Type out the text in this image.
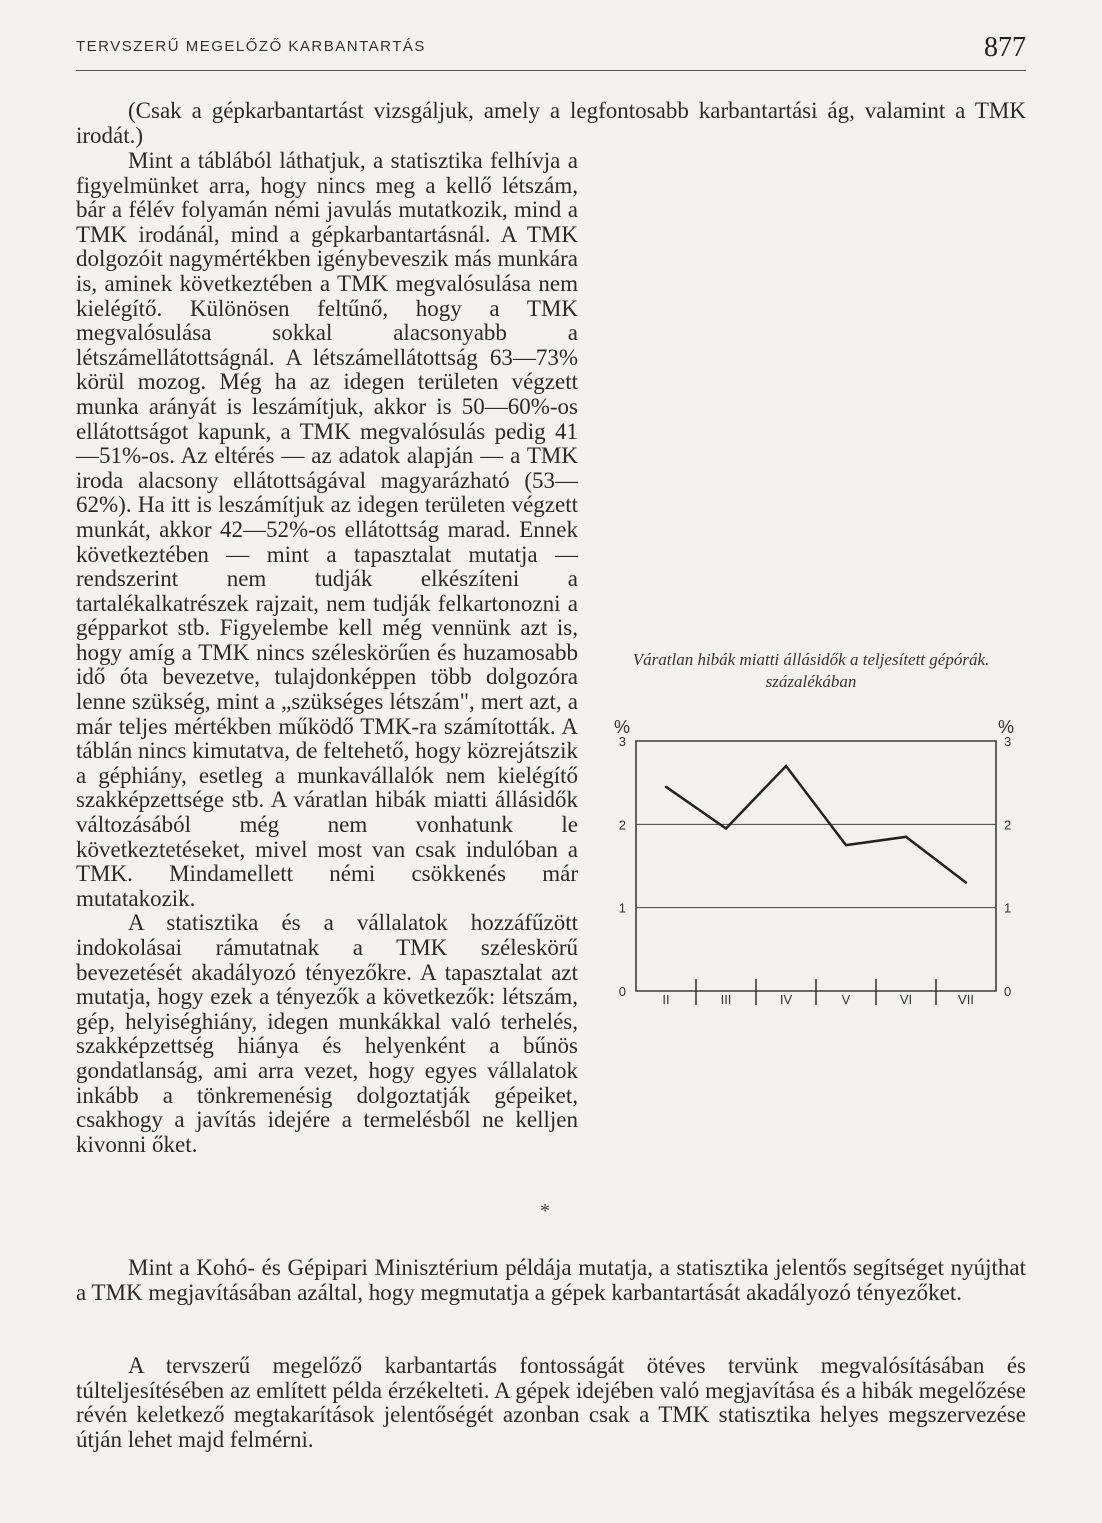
TERVSZERŰ MEGELŐZŐ KARBANTARTÁS	877

(Csak a gépkarbantartást vizsgáljuk, amely a legfontosabb karbantartási ág, valamint a TMK irodát.)

Váratlan hibák miatti állásidők a teljesített gépórák. százalékában
0	0
1	1
2	2
3	3
%	%
II	III	IV	V	VI	VII

Mint a táblából láthatjuk, a statisztika felhívja a figyelmünket arra, hogy nincs meg a kellő létszám, bár a félév folyamán némi javulás mutatkozik, mind a TMK irodánál, mind a gépkarbantartásnál. A TMK dolgozóit nagymértékben igénybeveszik más munkára is, aminek következtében a TMK megvalósulása nem kielégítő. Különösen feltűnő, hogy a TMK megvalósulása sokkal alacsonyabb a létszámellátottságnál. A létszámellátottság 63—73% körül mozog. Még ha az idegen területen végzett munka arányát is leszámítjuk, akkor is 50—60%-os ellátottságot kapunk, a TMK megvalósulás pedig 41—51%-os. Az eltérés — az adatok alapján — a TMK iroda alacsony ellátottságával magyarázható (53—62%). Ha itt is leszámítjuk az idegen területen végzett munkát, akkor 42—52%-os ellátottság marad. Ennek következtében — mint a tapasztalat mutatja — rendszerint nem tudják elkészíteni a tartalékalkatrészek rajzait, nem tudják felkartonozni a gépparkot stb. Figyelembe kell még vennünk azt is, hogy amíg a TMK nincs széleskörűen és huzamosabb idő óta bevezetve, tulajdonképpen több dolgozóra lenne szükség, mint a „szükséges létszám", mert azt, a már teljes mértékben működő TMK-ra számították. A táblán nincs kimutatva, de feltehető, hogy közrejátszik a géphiány, esetleg a munkavállalók nem kielégítő szakképzettsége stb. A váratlan hibák miatti állásidők változásából még nem vonhatunk le következtetéseket, mivel most van csak indulóban a TMK. Mindamellett némi csökkenés már mutatakozik.

A statisztika és a vállalatok hozzáfűzött indokolásai rámutatnak a TMK széleskörű bevezetését akadályozó tényezőkre. A tapasztalat azt mutatja, hogy ezek a tényezők a következők: létszám, gép, helyiséghiány, idegen munkákkal való terhelés, szakképzettség hiánya és helyenként a bűnös gondatlanság, ami arra vezet, hogy egyes vállalatok inkább a tönkremenésig dolgoztatják gépeiket, csakhogy a javítás idejére a termelésből ne kelljen kivonni őket.

*

Mint a Kohó- és Gépipari Minisztérium példája mutatja, a statisztika jelentős segítséget nyújthat a TMK megjavításában azáltal, hogy megmutatja a gépek karbantartását akadályozó tényezőket.

A tervszerű megelőző karbantartás fontosságát ötéves tervünk megvalósításában és túlteljesítésében az említett példa érzékelteti. A gépek idejében való megjavítása és a hibák megelőzése révén keletkező megtakarítások jelentőségét azonban csak a TMK statisztika helyes megszervezése útján lehet majd felmérni.
